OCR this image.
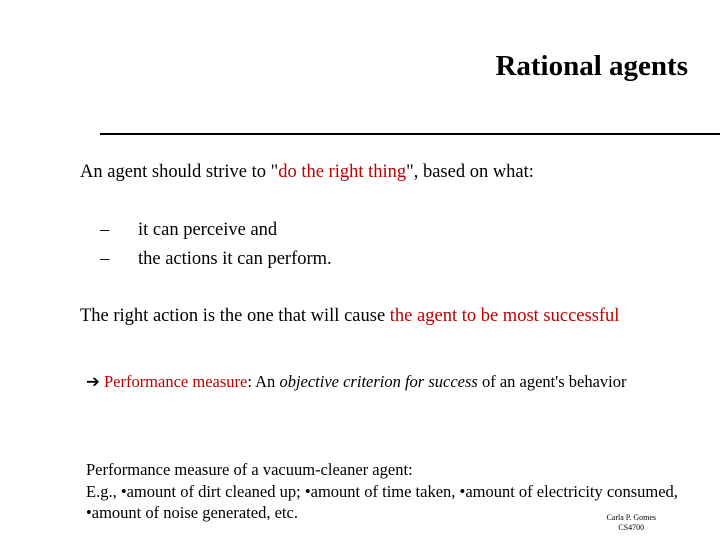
Rational agents
An agent should strive to "do the right thing", based on what:
– it can perceive and
– the actions it can perform.
The right action is the one that will cause the agent to be most successful
➔ Performance measure: An objective criterion for success of an agent's behavior
Performance measure of a vacuum-cleaner agent:
E.g., •amount of dirt cleaned up; •amount of time taken, •amount of electricity consumed, •amount of noise generated, etc.	Carla P. Gomes
CS4700
